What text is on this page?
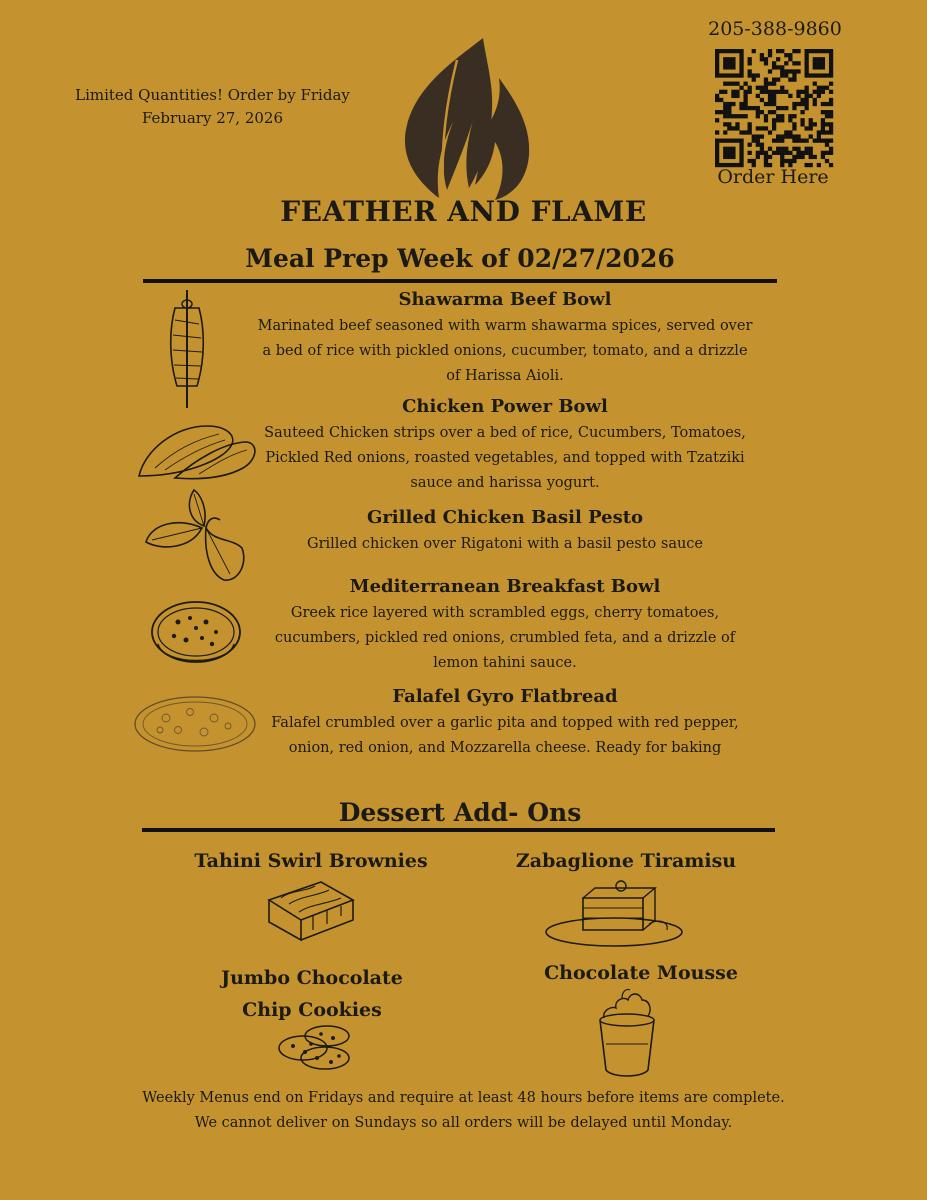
Limited Quantities! Order by Friday
February 27, 2026
205-388-9860
Order Here
FEATHER AND FLAME
Meal Prep Week of 02/27/2026
Shawarma Beef Bowl
Marinated beef seasoned with warm shawarma spices, served over a bed of rice with pickled onions, cucumber, tomato, and a drizzle of Harissa Aioli.
Chicken Power Bowl
Sauteed Chicken strips over a bed of rice, Cucumbers, Tomatoes, Pickled Red onions, roasted vegetables, and topped with Tzatziki sauce and harissa yogurt.
Grilled Chicken Basil Pesto
Grilled chicken over Rigatoni with a basil pesto sauce
Mediterranean Breakfast Bowl
Greek rice layered with scrambled eggs, cherry tomatoes, cucumbers, pickled red onions, crumbled feta, and a drizzle of lemon tahini sauce.
Falafel Gyro Flatbread
Falafel crumbled over a garlic pita and topped with red pepper, onion, red onion, and Mozzarella cheese. Ready for baking
Dessert Add- Ons
Tahini Swirl Brownies	Zabaglione Tiramisu
Jumbo Chocolate Chip Cookies
Chocolate Mousse
Weekly Menus end on Fridays and require at least 48 hours before items are complete.
We cannot deliver on Sundays so all orders will be delayed until Monday.
